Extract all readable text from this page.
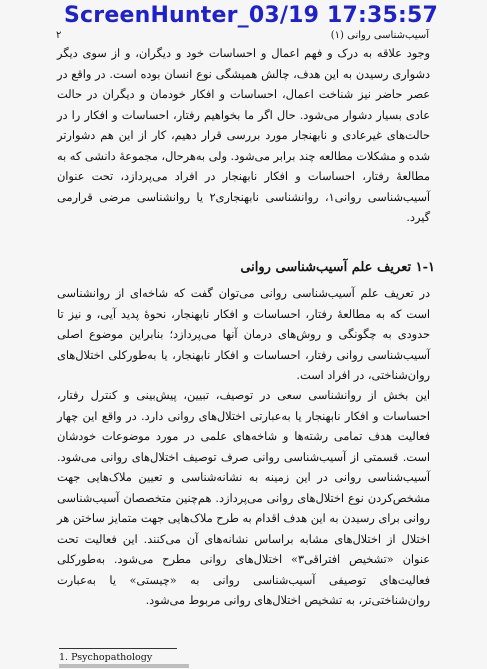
ScreenHunter_03/19 17:35:57
آسیب‌شناسی روانی (۱)
۲
وجود علاقه به درک و فهم اعمال و احساسات خود و دیگران، و از سوی دیگر دشواری رسیدن به این هدف، چالش همیشگی نوع انسان بوده است. در واقع در عصر حاضر نیز شناخت اعمال، احساسات و افکار خودمان و دیگران در حالت عادی بسیار دشوار می‌شود. حال اگر ما بخواهیم رفتار، احساسات و افکار را در حالت‌های غیرعادی و نابهنجار مورد بررسی قرار دهیم، کار از این هم دشوارتر شده و مشکلات مطالعه چند برابر می‌شود. ولی به‌هرحال، مجموعهٔ دانشی که به مطالعهٔ رفتار، احساسات و افکار نابهنجار در افراد می‌پردازد، تحت عنوان آسیب‌شناسی روانی۱، روانشناسی نابهنجاری۲ یا روانشناسی مرضی قرارمی گیرد.
۱-۱ تعریف علم آسیب‌شناسی روانی
در تعریف علم آسیب‌شناسی روانی می‌توان گفت که شاخه‌ای از روانشناسی است که به مطالعهٔ رفتار، احساسات و افکار نابهنجار، نحوهٔ پدید آیی، و نیز تا حدودی به چگونگی و روش‌های درمان آنها می‌پردازد؛ بنابراین موضوع اصلی آسیب‌شناسی روانی رفتار، احساسات و افکار نابهنجار، یا به‌طورکلی اختلال‌های روان‌شناختی، در افراد است.
این بخش از روانشناسی سعی در توصیف، تبیین، پیش‌بینی و کنترل رفتار، احساسات و افکار نابهنجار یا به‌عبارتی اختلال‌های روانی دارد. در واقع این چهار فعالیت هدف تمامی رشته‌ها و شاخه‌های علمی در مورد موضوعات خودشان است. قسمتی از آسیب‌شناسی روانی صرف توصیف اختلال‌های روانی می‌شود. آسیب‌شناسی روانی در این زمینه به نشانه‌شناسی و تعیین ملاک‌هایی جهت مشخص‌کردن نوع اختلال‌های روانی می‌پردازد. هم‌چنین متخصصان آسیب‌شناسی روانی برای رسیدن به این هدف اقدام به طرح ملاک‌هایی جهت متمایز ساختن هر اختلال از اختلال‌های مشابه براساس نشانه‌های آن می‌کنند. این فعالیت تحت عنوان «تشخیص افتراقی۳» اختلال‌های روانی مطرح می‌شود. به‌طورکلی فعالیت‌های توصیفی آسیب‌شناسی روانی به «چیستی» یا به‌عبارت روان‌شناختی‌تر، به تشخیص اختلال‌های روانی مربوط می‌شود.
1. Psychopathology
